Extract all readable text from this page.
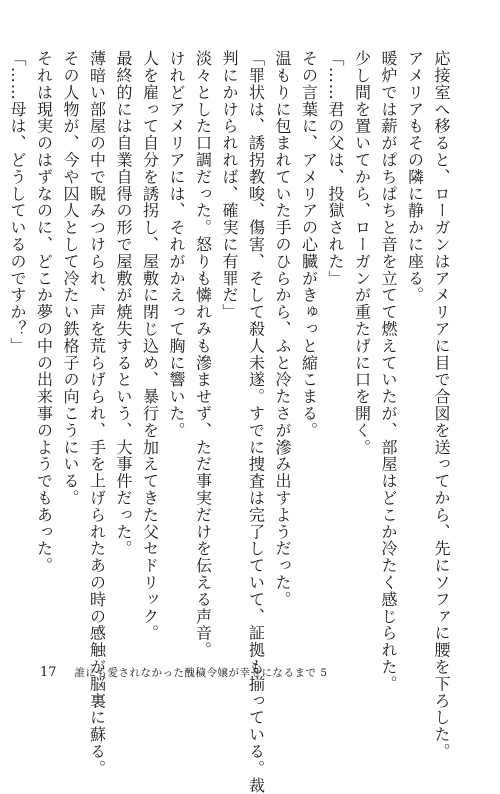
応接室へ移ると、ローガンはアメリアに目で合図を送ってから、先にソファに腰を下ろした。

アメリアもその隣に静かに座る。

暖炉では薪がぱちぱちと音を立てて燃えていたが、部屋はどこか冷たく感じられた。

少し間を置いてから、ローガンが重たげに口を開く。

「……君の父は、投獄された」

その言葉に、アメリアの心臓がきゅっと縮こまる。

温もりに包まれていた手のひらから、ふと冷たさが滲み出すようだった。

「罪状は、誘拐教唆、傷害、そして殺人未遂。すでに捜査は完了していて、証拠も揃っている。裁

判にかけられれば、確実に有罪だ」

淡々とした口調だった。怒りも憐れみも滲ませず、ただ事実だけを伝える声音。

けれどアメリアには、それがかえって胸に響いた。

人を雇って自分を誘拐し、屋敷に閉じ込め、暴行を加えてきた父セドリック。

最終的には自業自得の形で屋敷が焼失するという、大事件だった。

薄暗い部屋の中で睨みつけられ、声を荒らげられ、手を上げられたあの時の感触が脳裏に蘇る。

その人物が、今や囚人として冷たい鉄格子の向こうにいる。

それは現実のはずなのに、どこか夢の中の出来事のようでもあった。

「……母は、どうしているのですか？」

17 誰にも愛されなかった醜穢令嬢が幸せになるまで 5
